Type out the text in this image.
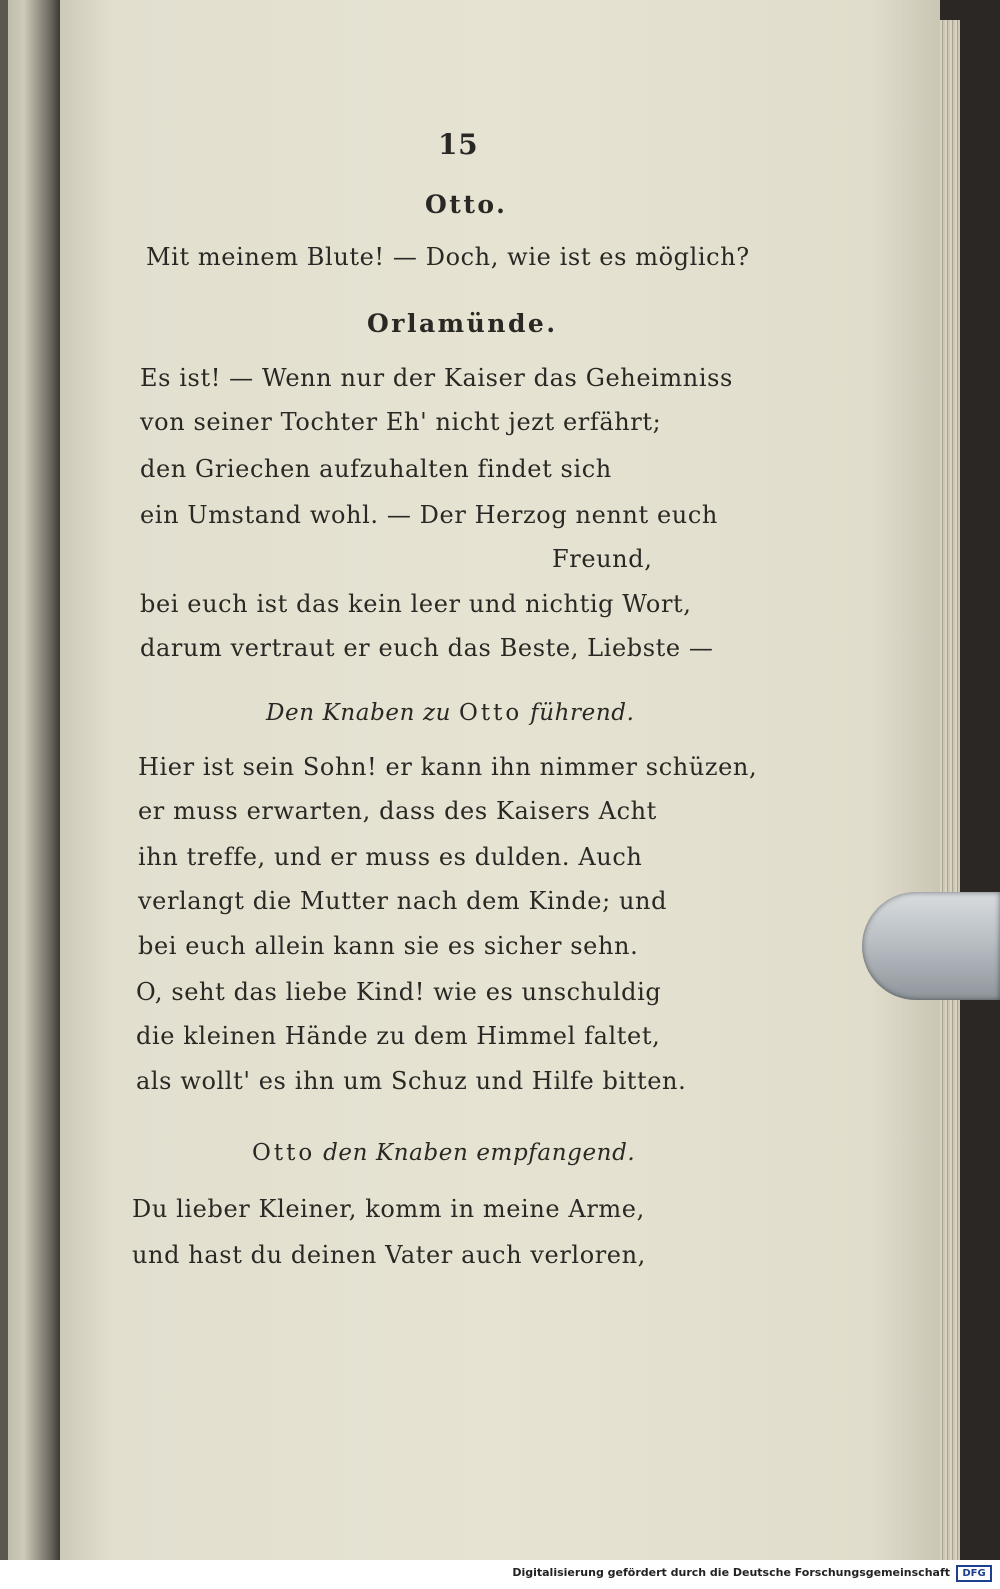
15
Otto.
Mit meinem Blute! — Doch, wie ist es möglich?
Orlamünde.
Es ist! — Wenn nur der Kaiser das Geheimniss
von seiner Tochter Eh' nicht jezt erfährt;
den Griechen aufzuhalten findet sich
ein Umstand wohl. — Der Herzog nennt euch
Freund,
bei euch ist das kein leer und nichtig Wort,
darum vertraut er euch das Beste, Liebste —
Den Knaben zu Otto führend.
Hier ist sein Sohn! er kann ihn nimmer schüzen,
er muss erwarten, dass des Kaisers Acht
ihn treffe, und er muss es dulden. Auch
verlangt die Mutter nach dem Kinde; und
bei euch allein kann sie es sicher sehn.
O, seht das liebe Kind! wie es unschuldig
die kleinen Hände zu dem Himmel faltet,
als wollt' es ihn um Schuz und Hilfe bitten.
Otto den Knaben empfangend.
Du lieber Kleiner, komm in meine Arme,
und hast du deinen Vater auch verloren,
Digitalisierung gefördert durch die Deutsche Forschungsgemeinschaft	DFG
